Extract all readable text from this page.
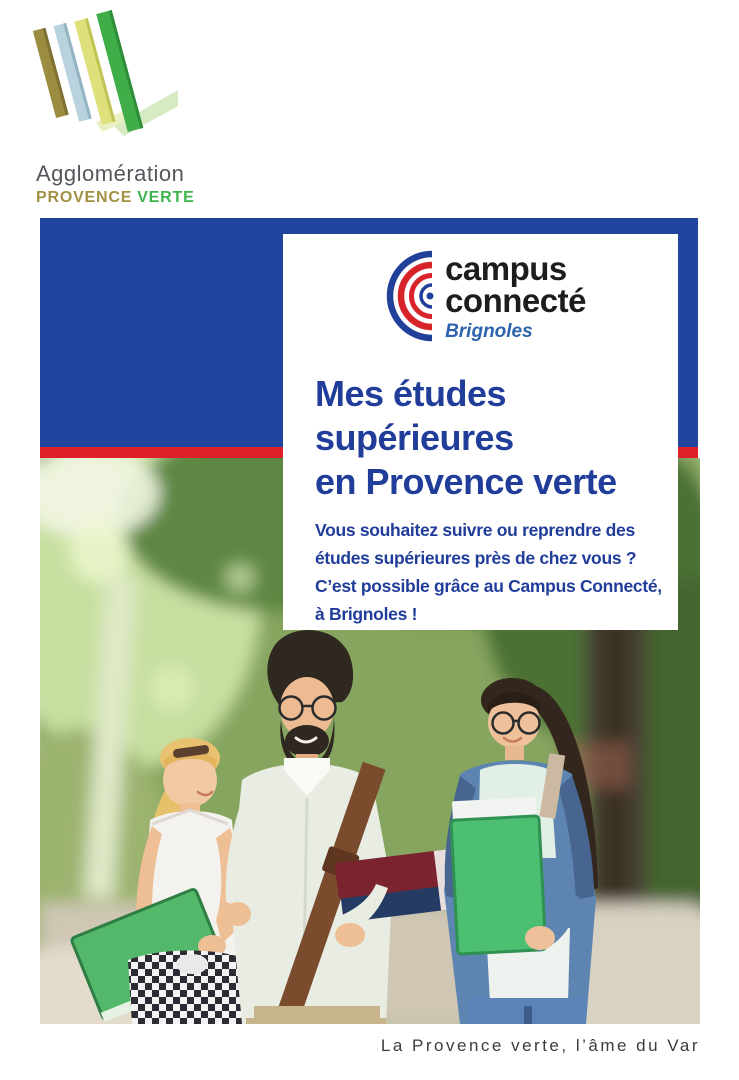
Agglomération
PROVENCE VERTE
campus
connecté
Brignoles
Mes études
supérieures
en Provence verte
Vous souhaitez suivre ou reprendre des
études supérieures près de chez vous ?
C’est possible grâce au Campus Connecté,
à Brignoles !
La Provence verte, l’âme du Var
